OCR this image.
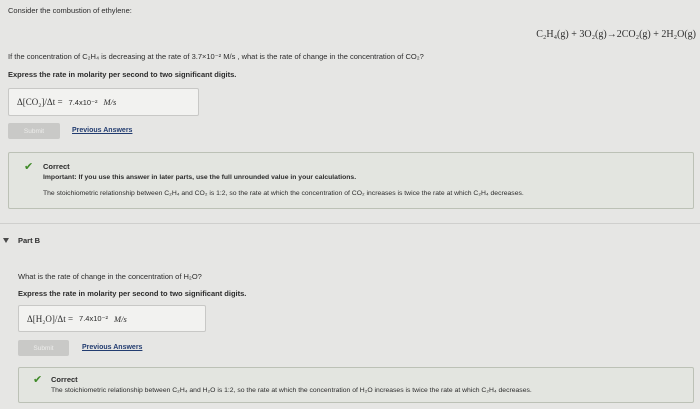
Consider the combustion of ethylene:
C₂H₄(g) + 3O₂(g)→2CO₂(g) + 2H₂O(g)
If the concentration of C₂H₄ is decreasing at the rate of 3.7×10⁻² M/s , what is the rate of change in the concentration of CO₂?
Express the rate in molarity per second to two significant digits.
Δ[CO₂]/Δt = 7.4x10⁻² M/s
Submit	Previous Answers
✔ Correct
Important: If you use this answer in later parts, use the full unrounded value in your calculations.
The stoichiometric relationship between C₂H₄ and CO₂ is 1:2, so the rate at which the concentration of CO₂ increases is twice the rate at which C₂H₄ decreases.
Part B
What is the rate of change in the concentration of H₂O?
Express the rate in molarity per second to two significant digits.
Δ[H₂O]/Δt = 7.4x10⁻² M/s
Submit	Previous Answers
✔ Correct
The stoichiometric relationship between C₂H₄ and H₂O is 1:2, so the rate at which the concentration of H₂O increases is twice the rate at which C₂H₄ decreases.
